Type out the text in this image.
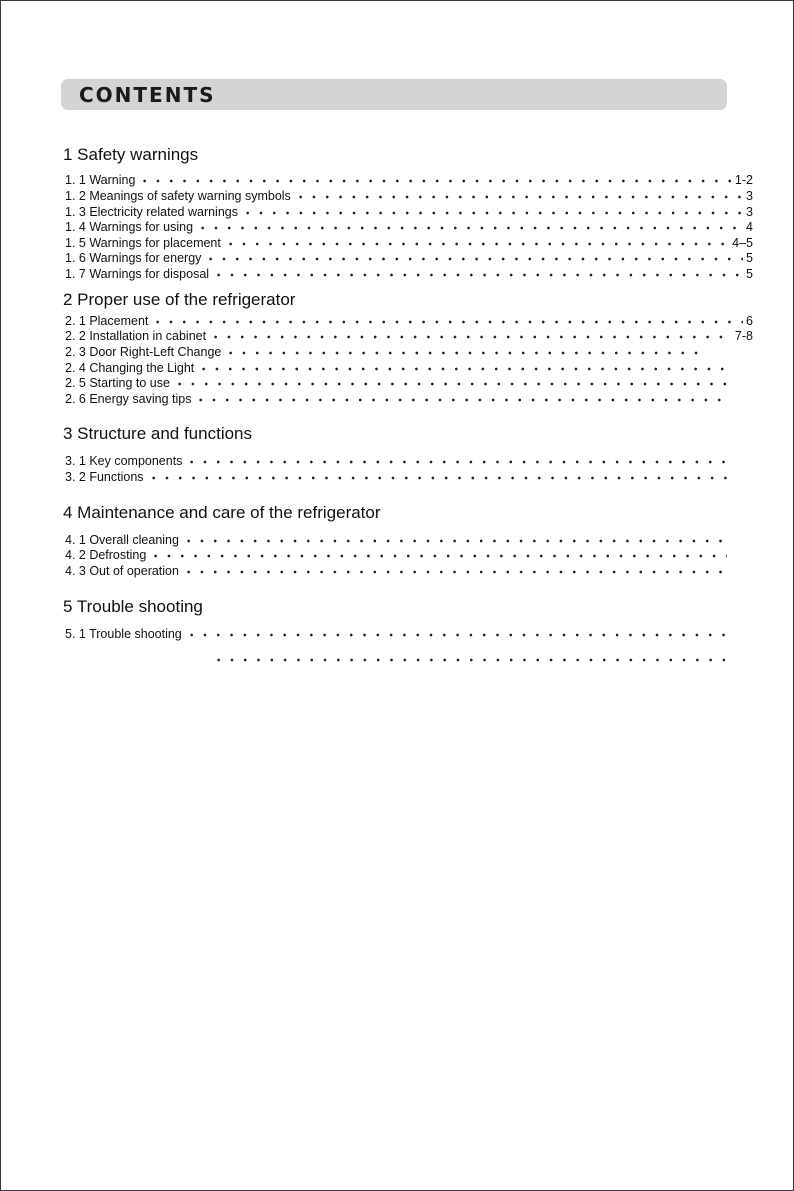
CONTENTS
1 Safety warnings
1. 1 Warning	1-2
1. 2 Meanings of safety warning symbols	3
1. 3 Electricity related warnings	3
1. 4 Warnings for using	4
1. 5 Warnings for placement	4–5
1. 6 Warnings for energy	5
1. 7 Warnings for disposal	5
2 Proper use of the refrigerator
2. 1 Placement	6
2. 2 Installation in cabinet	7-8
2. 3 Door Right-Left Change
2. 4 Changing the Light
2. 5 Starting to use
2. 6 Energy saving tips
3 Structure and functions
3. 1 Key components
3. 2 Functions
4 Maintenance and care of the refrigerator
4. 1 Overall cleaning
4. 2 Defrosting
4. 3 Out of operation
5 Trouble shooting
5. 1 Trouble shooting
